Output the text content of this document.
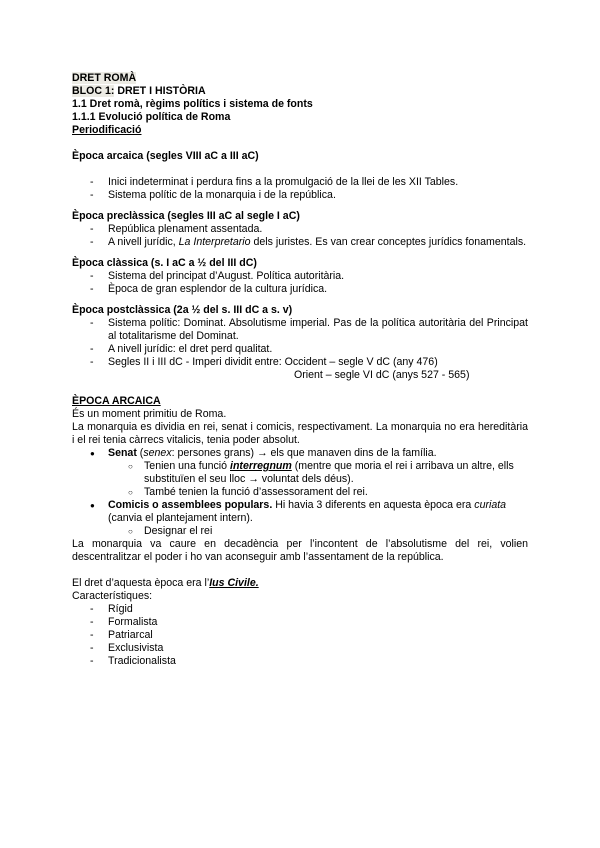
DRET ROMÀ
BLOC 1: DRET I HISTÒRIA
1.1 Dret romà, règims polítics i sistema de fonts
1.1.1 Evolució política de Roma
Periodificació
Època arcaica (segles VIII aC a III aC)
- Inici indeterminat i perdura fins a la promulgació de la llei de les XII Tables.
- Sistema polític de la monarquia i de la república.
Època preclàssica (segles III aC al segle I aC)
- República plenament assentada.
- A nivell jurídic, La Interpretario dels juristes. Es van crear conceptes jurídics fonamentals.
Època clàssica (s. I aC a ½ del III dC)
- Sistema del principat d’August. Política autoritària.
- Època de gran esplendor de la cultura jurídica.
Època postclàssica (2a ½ del s. III dC a s. v)
- Sistema polític: Dominat. Absolutisme imperial. Pas de la política autoritària del Principat al totalitarisme del Dominat.
- A nivell jurídic: el dret perd qualitat.
- Segles II i III dC - Imperi dividit entre: Occident – segle V dC (any 476)
Orient – segle VI dC (anys 527 - 565)
ÈPOCA ARCAICA

És un moment primitiu de Roma.

La monarquia es dividia en rei, senat i comicis, respectivament. La monarquia no era hereditària i el rei tenia càrrecs vitalicis, tenia poder absolut.

● Senat (senex: persones grans) → els que manaven dins de la família.
○ Tenien una funció interregnum (mentre que moria el rei i arribava un altre, ells substituïen el seu lloc → voluntat dels déus).
○ També tenien la funció d’assessorament del rei.
● Comicis o assemblees populars. Hi havia 3 diferents en aquesta època era curiata (canvia el plantejament intern).
○ Designar el rei

La monarquia va caure en decadència per l’incontent de l’absolutisme del rei, volien descentralitzar el poder i ho van aconseguir amb l’assentament de la república.

El dret d’aquesta època era l’Ius Civile.

Característiques:

- Rígid
- Formalista
- Patriarcal
- Exclusivista
- Tradicionalista
